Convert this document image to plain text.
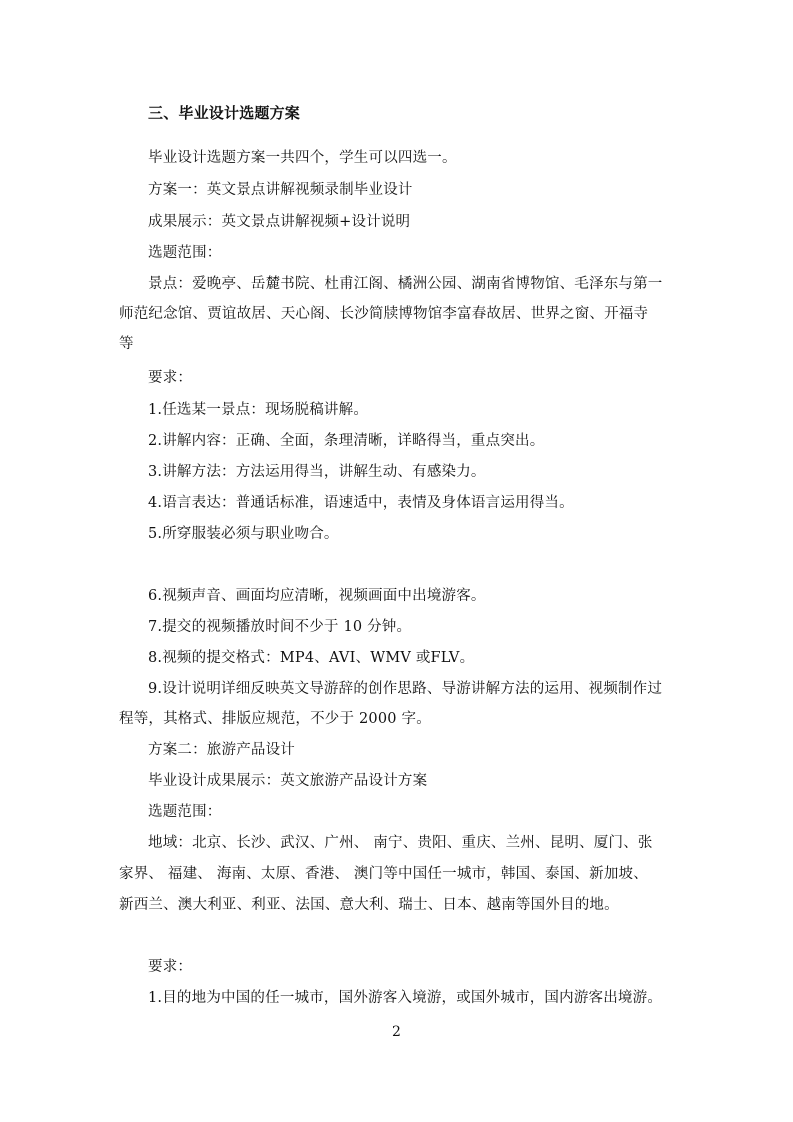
三、毕业设计选题方案
毕业设计选题方案一共四个，学生可以四选一。
方案一：英文景点讲解视频录制毕业设计
成果展示：英文景点讲解视频+设计说明
选题范围：
景点：爱晚亭、岳麓书院、杜甫江阁、橘洲公园、湖南省博物馆、毛泽东与第一
师范纪念馆、贾谊故居、天心阁、长沙简牍博物馆李富春故居、世界之窗、开福寺
等
要求：
1.任选某一景点：现场脱稿讲解。
2.讲解内容：正确、全面，条理清晰，详略得当，重点突出。
3.讲解方法：方法运用得当，讲解生动、有感染力。
4.语言表达：普通话标准，语速适中，表情及身体语言运用得当。
5.所穿服装必须与职业吻合。
6.视频声音、画面均应清晰，视频画面中出境游客。
7.提交的视频播放时间不少于 10 分钟。
8.视频的提交格式：MP4、AVI、WMV 或FLV。
9.设计说明详细反映英文导游辞的创作思路、导游讲解方法的运用、视频制作过
程等，其格式、排版应规范，不少于 2000 字。
方案二：旅游产品设计
毕业设计成果展示：英文旅游产品设计方案
选题范围：
地域：北京、长沙、武汉、广州、 南宁、贵阳、重庆、兰州、昆明、厦门、张
家界、 福建、 海南、太原、香港、 澳门等中国任一城市，韩国、泰国、新加坡、
新西兰、澳大利亚、利亚、法国、意大利、瑞士、日本、越南等国外目的地。
要求：
1.目的地为中国的任一城市，国外游客入境游，或国外城市，国内游客出境游。
2
